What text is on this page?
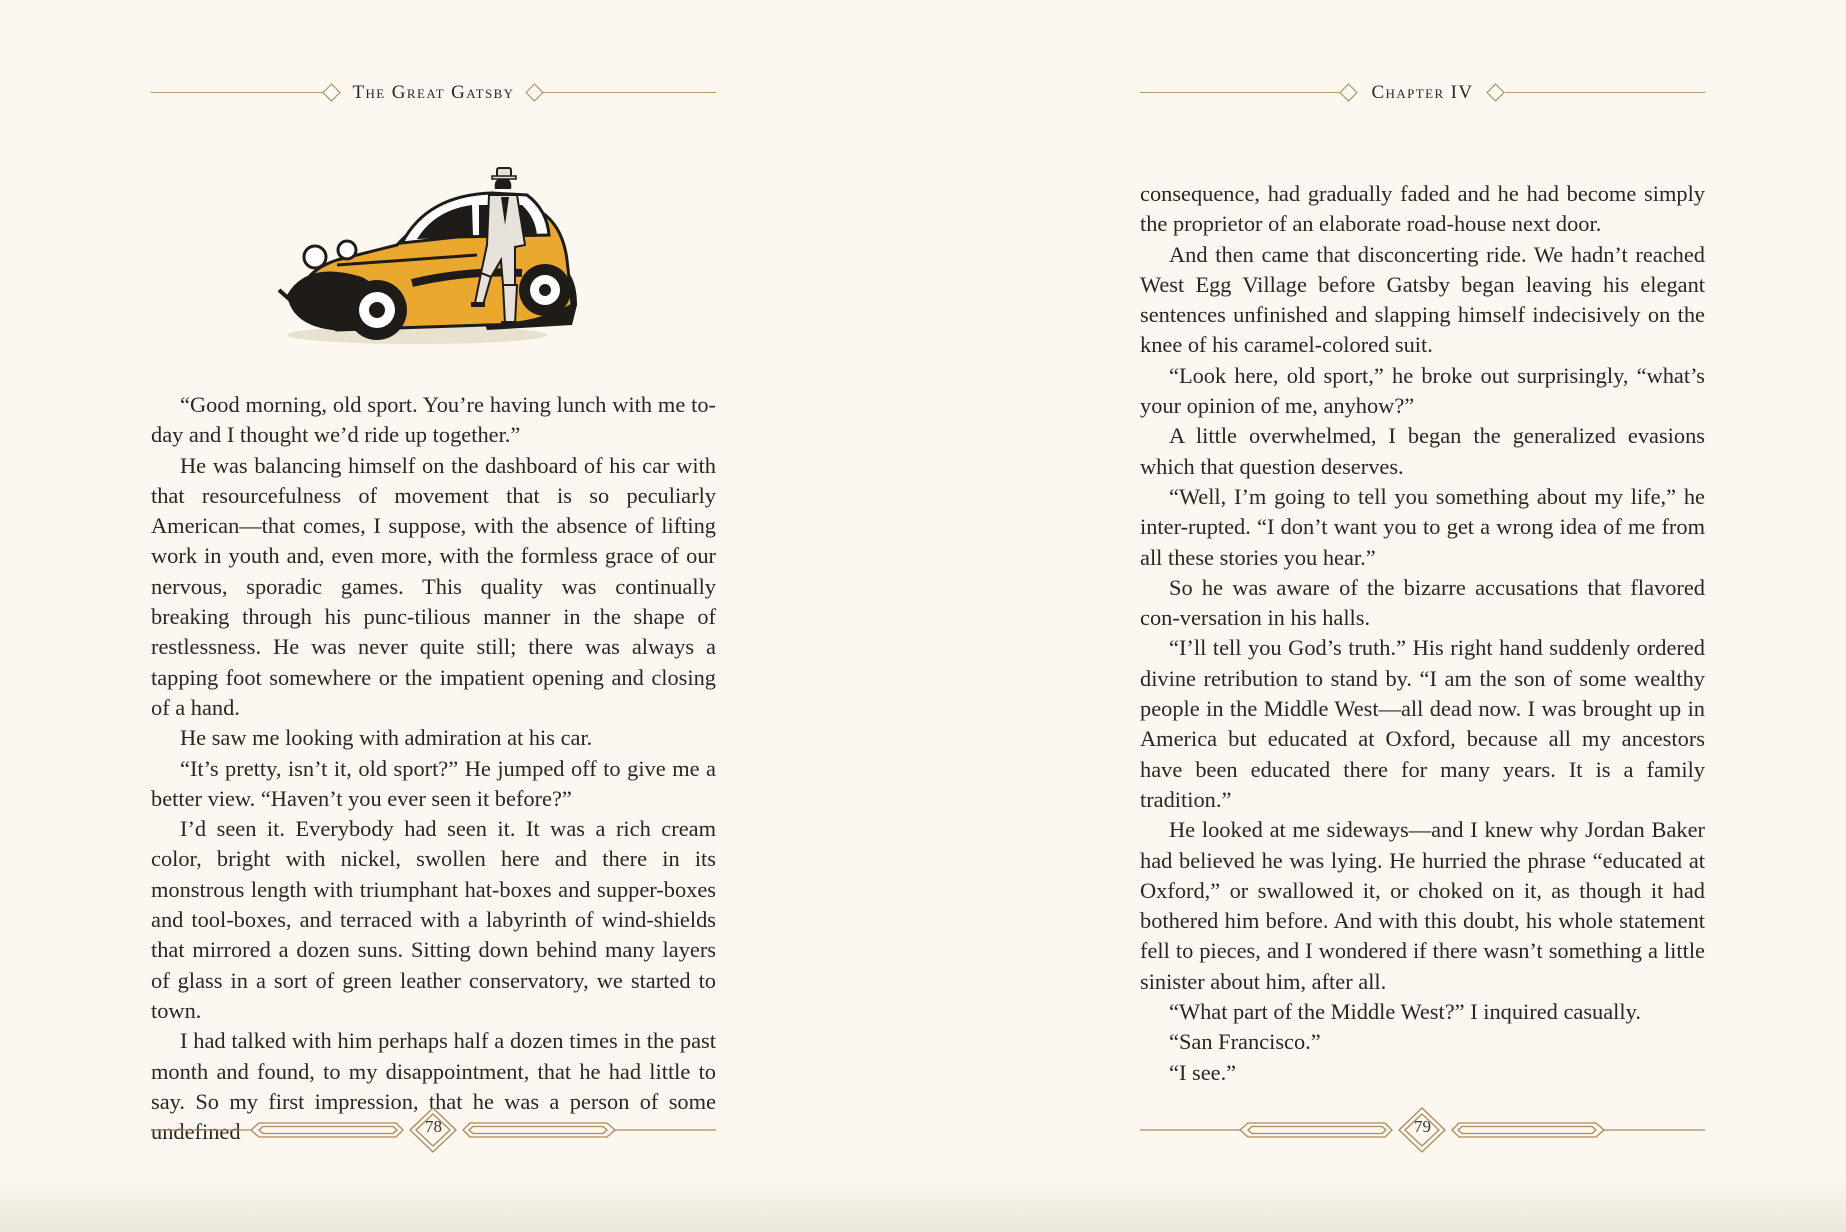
The Great Gatsby

“Good morning, old sport. You’re having lunch with me to-day and I thought we’d ride up together.”

He was balancing himself on the dashboard of his car with that resourcefulness of movement that is so peculiarly American—that comes, I suppose, with the absence of lifting work in youth and, even more, with the formless grace of our nervous, sporadic games. This quality was continually breaking through his punc-tilious manner in the shape of restlessness. He was never quite still; there was always a tapping foot somewhere or the impatient opening and closing of a hand.

He saw me looking with admiration at his car.

“It’s pretty, isn’t it, old sport?” He jumped off to give me a better view. “Haven’t you ever seen it before?”

I’d seen it. Everybody had seen it. It was a rich cream color, bright with nickel, swollen here and there in its monstrous length with triumphant hat-boxes and supper-boxes and tool-boxes, and terraced with a labyrinth of wind-shields that mirrored a dozen suns. Sitting down behind many layers of glass in a sort of green leather conservatory, we started to town.

I had talked with him perhaps half a dozen times in the past month and found, to my disappointment, that he had little to say. So my first impression, that he was a person of some undefined	78
Chapter IV

consequence, had gradually faded and he had become simply the proprietor of an elaborate road-house next door.

And then came that disconcerting ride. We hadn’t reached West Egg Village before Gatsby began leaving his elegant sentences unfinished and slapping himself indecisively on the knee of his caramel-colored suit.

“Look here, old sport,” he broke out surprisingly, “what’s your opinion of me, anyhow?”

A little overwhelmed, I began the generalized evasions which that question deserves.

“Well, I’m going to tell you something about my life,” he inter-rupted. “I don’t want you to get a wrong idea of me from all these stories you hear.”

So he was aware of the bizarre accusations that flavored con-versation in his halls.

“I’ll tell you God’s truth.” His right hand suddenly ordered divine retribution to stand by. “I am the son of some wealthy people in the Middle West—all dead now. I was brought up in America but educated at Oxford, because all my ancestors have been educated there for many years. It is a family tradition.”

He looked at me sideways—and I knew why Jordan Baker had believed he was lying. He hurried the phrase “educated at Oxford,” or swallowed it, or choked on it, as though it had bothered him before. And with this doubt, his whole statement fell to pieces, and I wondered if there wasn’t something a little sinister about him, after all.

“What part of the Middle West?” I inquired casually.

“San Francisco.”

“I see.”

79
